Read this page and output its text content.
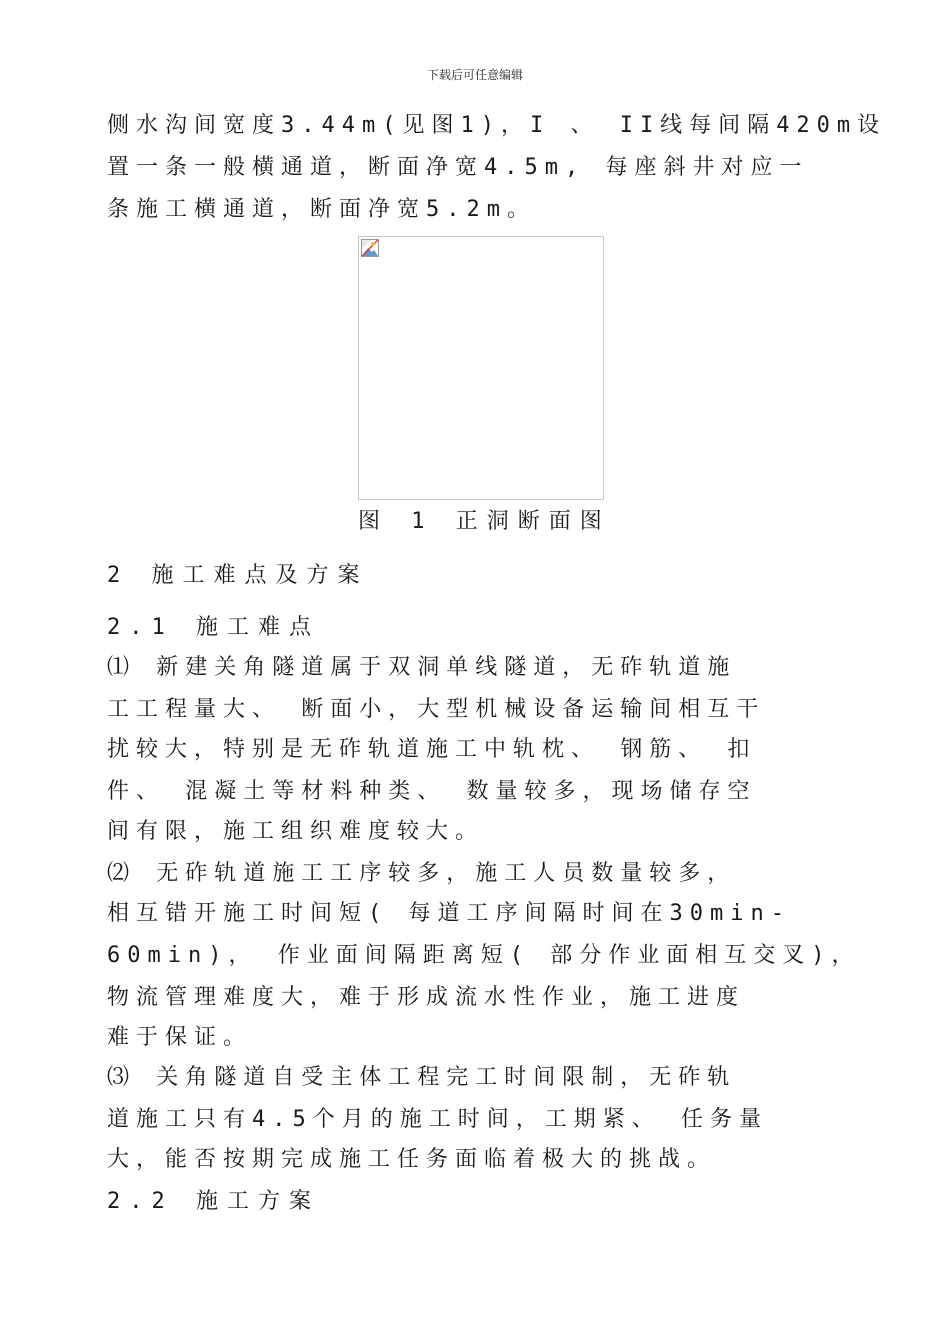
下载后可任意编辑
侧水沟间宽度3.44m(见图1)，I 、 II线每间隔420m设
置一条一般横通道，断面净宽4.5m, 每座斜井对应一
条施工横通道，断面净宽5.2m。
图 1 正洞断面图
2 施工难点及方案
2.1 施工难点
⑴ 新建关角隧道属于双洞单线隧道，无砟轨道施
工工程量大、 断面小，大型机械设备运输间相互干
扰较大，特别是无砟轨道施工中轨枕、 钢筋、 扣
件、 混凝土等材料种类、 数量较多，现场储存空
间有限，施工组织难度较大。
⑵ 无砟轨道施工工序较多，施工人员数量较多，
相互错开施工时间短( 每道工序间隔时间在30min-
60min)， 作业面间隔距离短( 部分作业面相互交叉)，
物流管理难度大，难于形成流水性作业，施工进度
难于保证。
⑶ 关角隧道自受主体工程完工时间限制，无砟轨
道施工只有4.5个月的施工时间，工期紧、 任务量
大，能否按期完成施工任务面临着极大的挑战。
2.2 施工方案
